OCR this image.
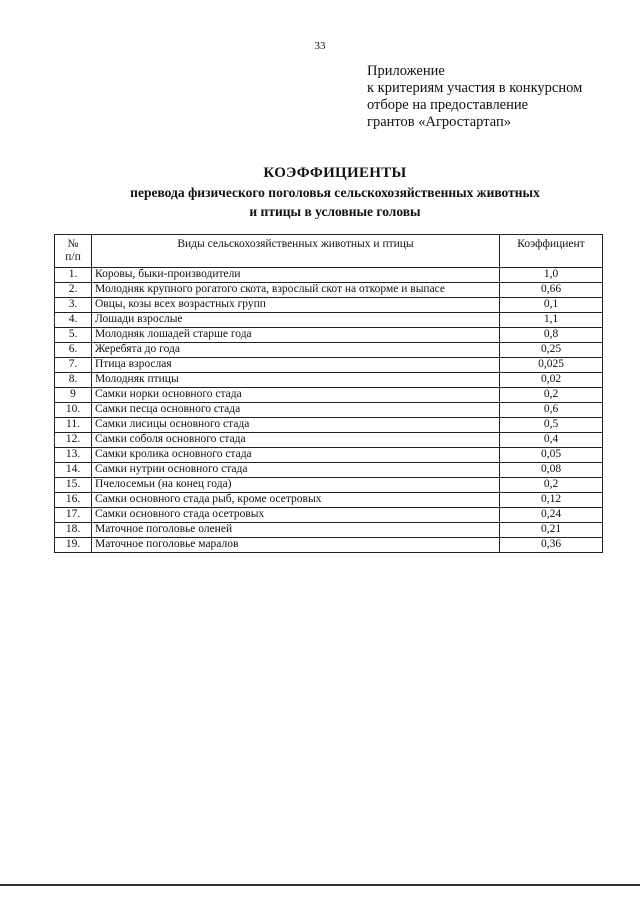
33
Приложение
к критериям участия в конкурсном
отборе на предоставление
грантов «Агростартап»
КОЭФФИЦИЕНТЫ
перевода физического поголовья сельскохозяйственных животных
и птицы в условные головы
№
п/п	Виды сельскохозяйственных животных и птицы	Коэффициент
1.	Коровы, быки-производители	1,0
2.	Молодняк крупного рогатого скота, взрослый скот на откорме и выпасе	0,66
3.	Овцы, козы всех возрастных групп	0,1
4.	Лошади взрослые	1,1
5.	Молодняк лошадей старше года	0,8
6.	Жеребята до года	0,25
7.	Птица взрослая	0,025
8.	Молодняк птицы	0,02
9	Самки норки основного стада	0,2
10.	Самки песца основного стада	0,6
11.	Самки лисицы основного стада	0,5
12.	Самки соболя основного стада	0,4
13.	Самки кролика основного стада	0,05
14.	Самки нутрии основного стада	0,08
15.	Пчелосемьи (на конец года)	0,2
16.	Самки основного стада рыб, кроме осетровых	0,12
17.	Самки основного стада осетровых	0,24
18.	Маточное поголовье оленей	0,21
19.	Маточное поголовье маралов	0,36
